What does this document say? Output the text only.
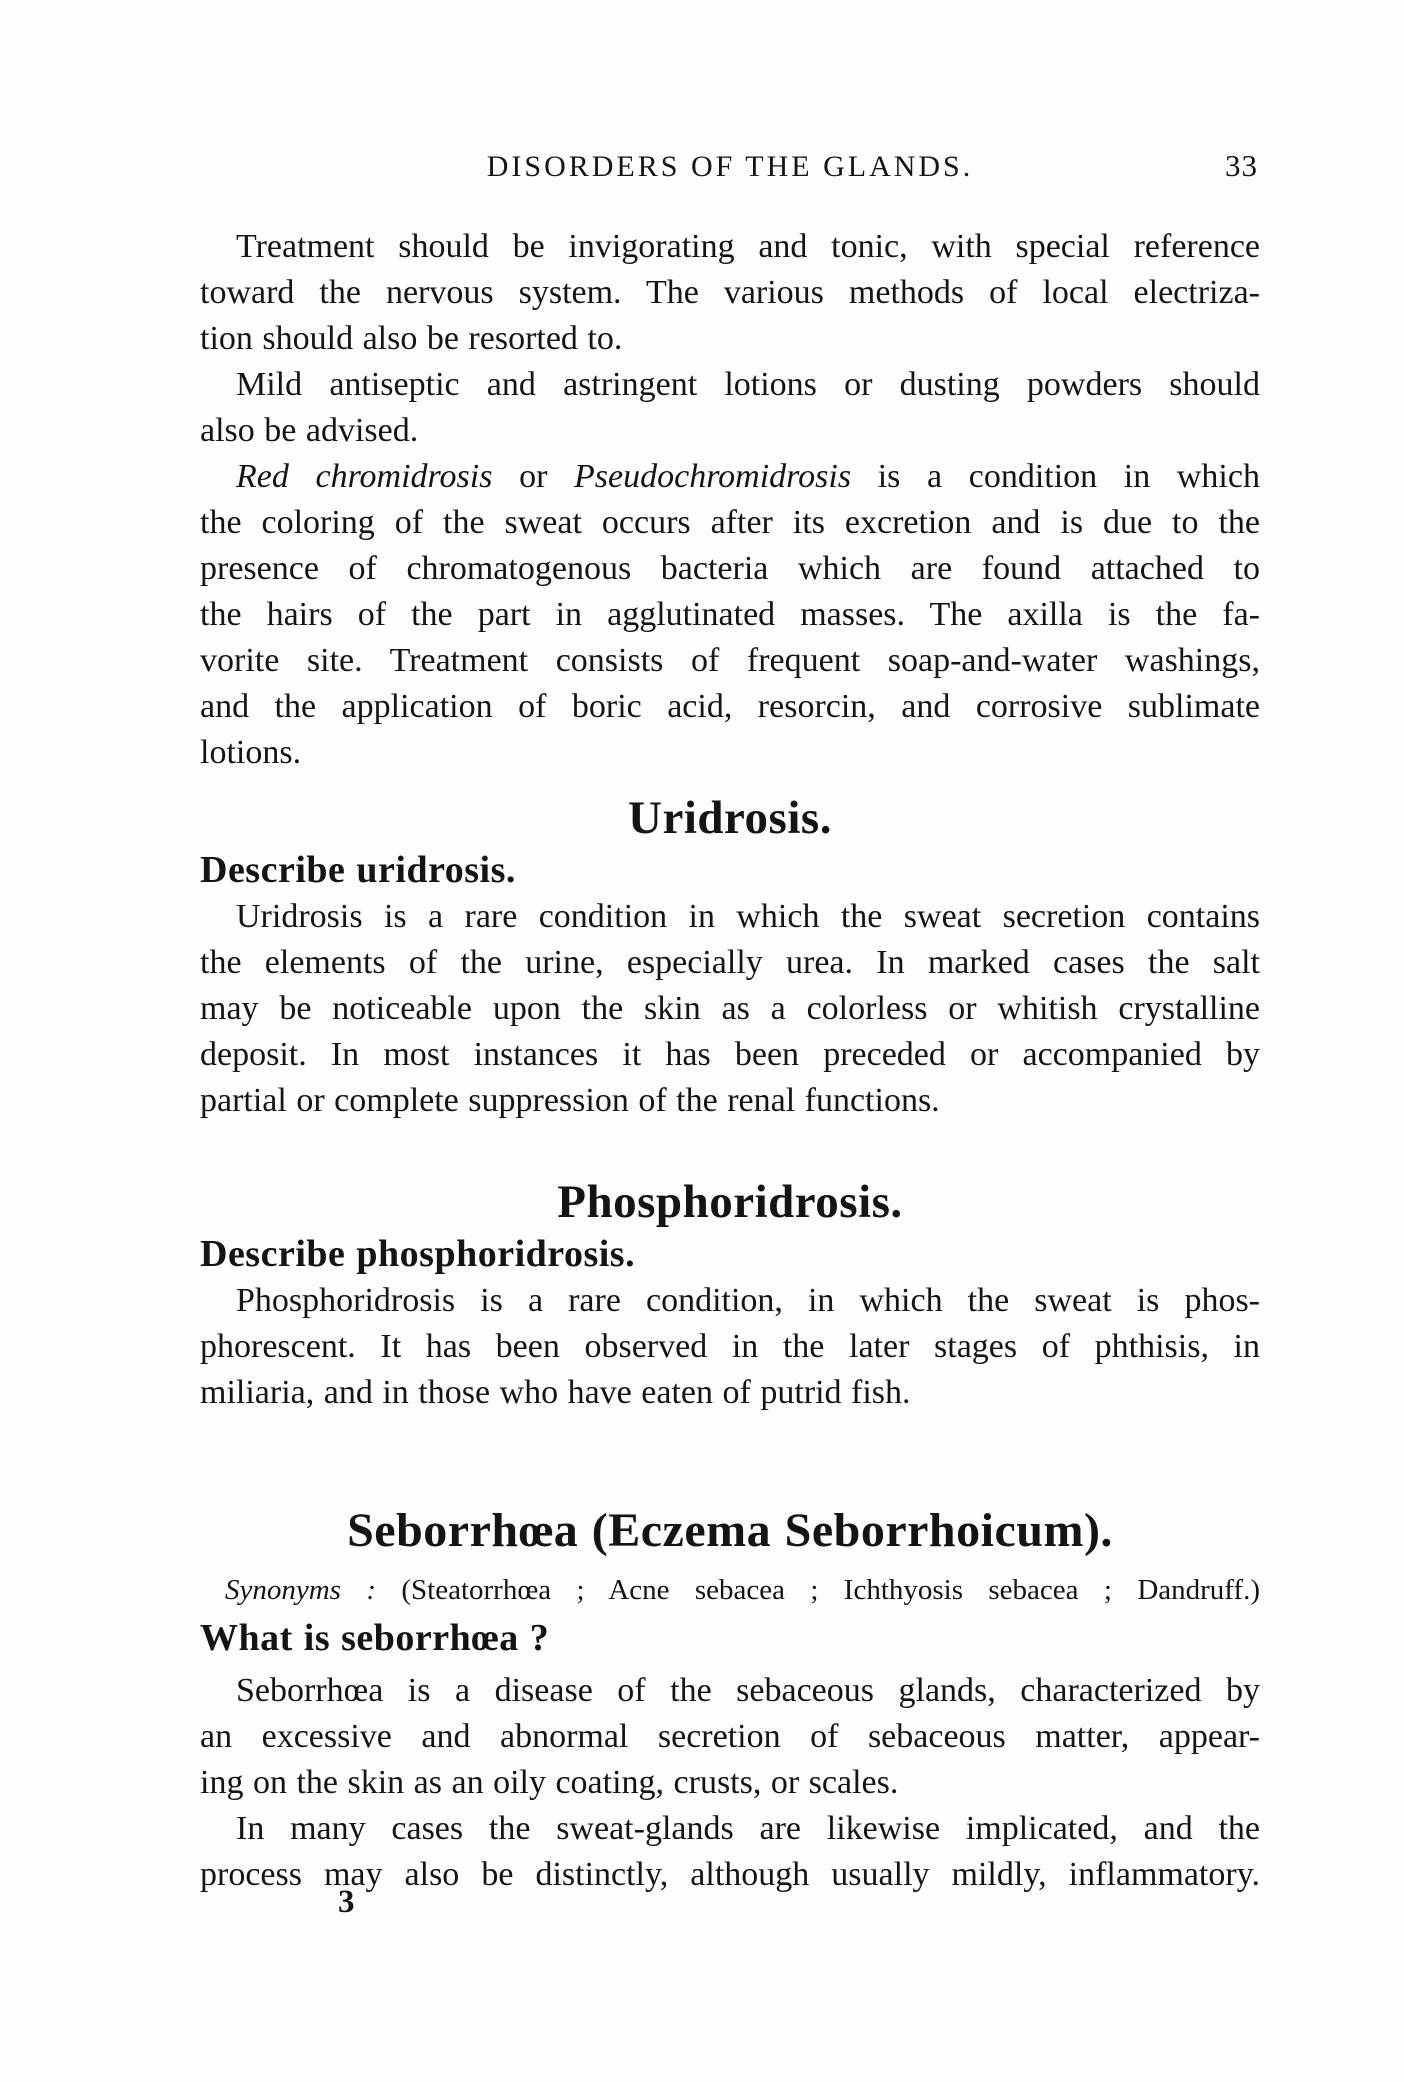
DISORDERS OF THE GLANDS.	33
Treatment should be invigorating and tonic, with special reference
toward the nervous system. The various methods of local electriza-
tion should also be resorted to.
Mild antiseptic and astringent lotions or dusting powders should
also be advised.
Red chromidrosis or Pseudochromidrosis is a condition in which
the coloring of the sweat occurs after its excretion and is due to the
presence of chromatogenous bacteria which are found attached to
the hairs of the part in agglutinated masses. The axilla is the fa-
vorite site. Treatment consists of frequent soap-and-water washings,
and the application of boric acid, resorcin, and corrosive sublimate
lotions.
Uridrosis.
Describe uridrosis.
Uridrosis is a rare condition in which the sweat secretion contains
the elements of the urine, especially urea. In marked cases the salt
may be noticeable upon the skin as a colorless or whitish crystalline
deposit. In most instances it has been preceded or accompanied by
partial or complete suppression of the renal functions.
Phosphoridrosis.
Describe phosphoridrosis.
Phosphoridrosis is a rare condition, in which the sweat is phos-
phorescent. It has been observed in the later stages of phthisis, in
miliaria, and in those who have eaten of putrid fish.
Seborrhœa (Eczema Seborrhoicum).
Synonyms : (Steatorrhœa ; Acne sebacea ; Ichthyosis sebacea ; Dandruff.)
What is seborrhœa ?
Seborrhœa is a disease of the sebaceous glands, characterized by
an excessive and abnormal secretion of sebaceous matter, appear-
ing on the skin as an oily coating, crusts, or scales.
In many cases the sweat-glands are likewise implicated, and the
process may also be distinctly, although usually mildly, inflammatory.
3
